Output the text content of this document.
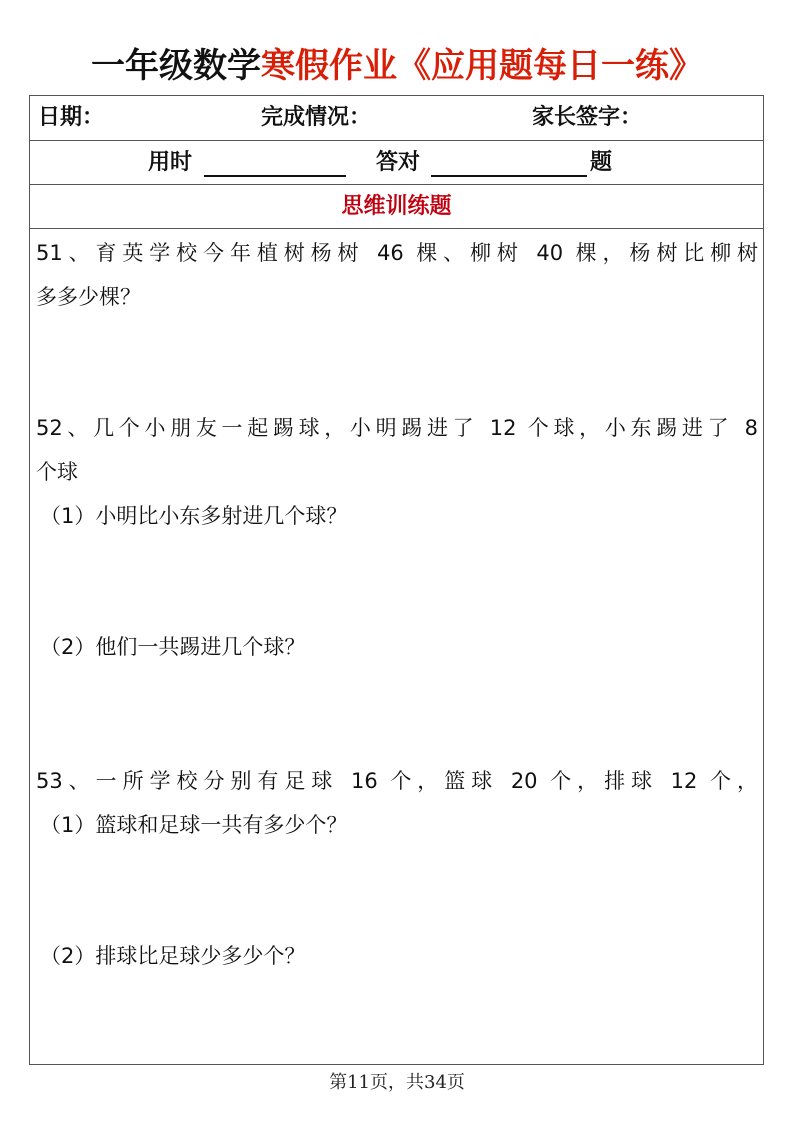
一年级数学寒假作业《应用题每日一练》
日期：	完成情况：	家长签字：
用时	答对	题
思维训练题
51、育英学校今年植树杨树 46 棵、柳树 40 棵，杨树比柳树
多多少棵？
52、几个小朋友一起踢球，小明踢进了 12 个球，小东踢进了 8
个球
（1）小明比小东多射进几个球？
（2）他们一共踢进几个球？
53、一所学校分别有足球 16 个，篮球 20 个，排球 12 个，
（1）篮球和足球一共有多少个？
（2）排球比足球少多少个？
第11页，共34页
